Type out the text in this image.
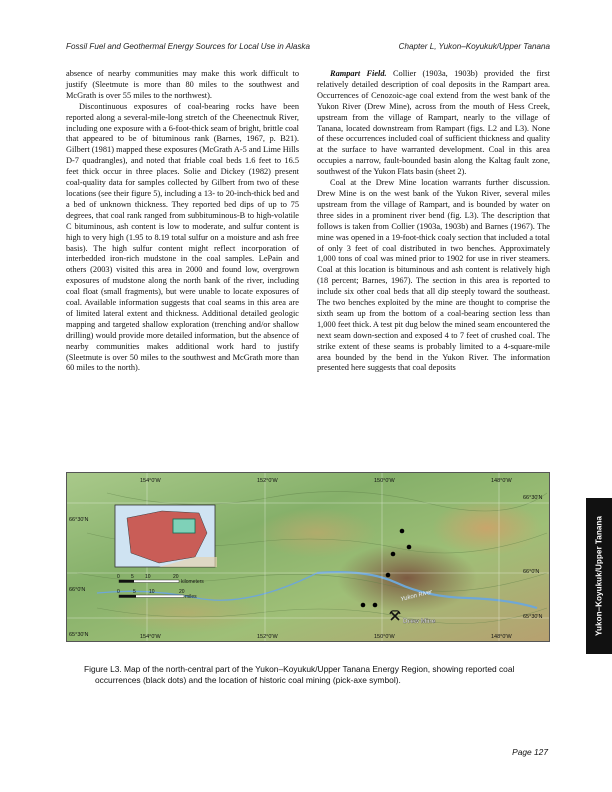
Fossil Fuel and Geothermal Energy Sources for Local Use in Alaska	Chapter L, Yukon–Koyukuk/Upper Tanana

absence of nearby communities may make this work difficult to justify (Sleetmute is more than 80 miles to the southwest and McGrath is over 55 miles to the northwest).

Discontinuous exposures of coal-bearing rocks have been reported along a several-mile-long stretch of the Cheenectnuk River, including one exposure with a 6-foot-thick seam of bright, brittle coal that appeared to be of bituminous rank (Barnes, 1967, p. B21). Gilbert (1981) mapped these exposures (McGrath A-5 and Lime Hills D-7 quadrangles), and noted that friable coal beds 1.6 feet to 16.5 feet thick occur in three places. Solie and Dickey (1982) present coal-quality data for samples collected by Gilbert from two of these locations (see their figure 5), including a 13- to 20-inch-thick bed and a bed of unknown thickness. They reported bed dips of up to 75 degrees, that coal rank ranged from subbituminous-B to high-volatile C bituminous, ash content is low to moderate, and sulfur content is high to very high (1.95 to 8.19 total sulfur on a moisture and ash free basis). The high sulfur content might reflect incorporation of interbedded iron-rich mudstone in the coal samples. LePain and others (2003) visited this area in 2000 and found low, overgrown exposures of mudstone along the north bank of the river, including coal float (small fragments), but were unable to locate exposures of coal. Available information suggests that coal seams in this area are of limited lateral extent and thickness. Additional detailed geologic mapping and targeted shallow exploration (trenching and/or shallow drilling) would provide more detailed information, but the absence of nearby communities makes additional work hard to justify (Sleetmute is over 50 miles to the southwest and McGrath more than 60 miles to the north).

Rampart Field. Collier (1903a, 1903b) provided the first relatively detailed description of coal deposits in the Rampart area. Occurrences of Cenozoic-age coal extend from the west bank of the Yukon River (Drew Mine), across from the mouth of Hess Creek, upstream from the village of Rampart, nearly to the village of Tanana, located downstream from Rampart (figs. L2 and L3). None of these occurrences included coal of sufficient thickness and quality at the surface to have warranted development. Coal in this area occupies a narrow, fault-bounded basin along the Kaltag fault zone, southwest of the Yukon Flats basin (sheet 2).

Coal at the Drew Mine location warrants further discussion. Drew Mine is on the west bank of the Yukon River, several miles upstream from the village of Rampart, and is bounded by water on three sides in a prominent river bend (fig. L3). The description that follows is taken from Collier (1903a, 1903b) and Barnes (1967). The mine was opened in a 19-foot-thick coaly section that included a total of only 3 feet of coal distributed in two benches. Approximately 1,000 tons of coal was mined prior to 1902 for use in river steamers. Coal at this location is bituminous and ash content is relatively high (18 percent; Barnes, 1967). The section in this area is reported to include six other coal beds that all dip steeply toward the southeast. The two benches exploited by the mine are thought to comprise the sixth seam up from the bottom of a coal-bearing section less than 1,000 feet thick. A test pit dug below the mined seam encountered the next seam down-section and exposed 4 to 7 feet of crushed coal. The strike extent of these seams is probably limited to a 4-square-mile area bounded by the bend in the Yukon River. The information presented here suggests that coal deposits

154°0'W	152°0'W	150°0'W	148°0'W
154°0'W	152°0'W	150°0'W	148°0'W
66°30'N
66°0'N
65°30'N
66°30'N
66°0'N
65°30'N
0 5 10	20
kilometers
0	5	10	20
miles	Yukon River
Drew Mine
Figure L3. Map of the north-central part of the Yukon–Koyukuk/Upper Tanana Energy Region, showing reported coal occurrences (black dots) and the location of historic coal mining (pick-axe symbol).
Page 127
Yukon–Koyukuk/Upper Tanana
